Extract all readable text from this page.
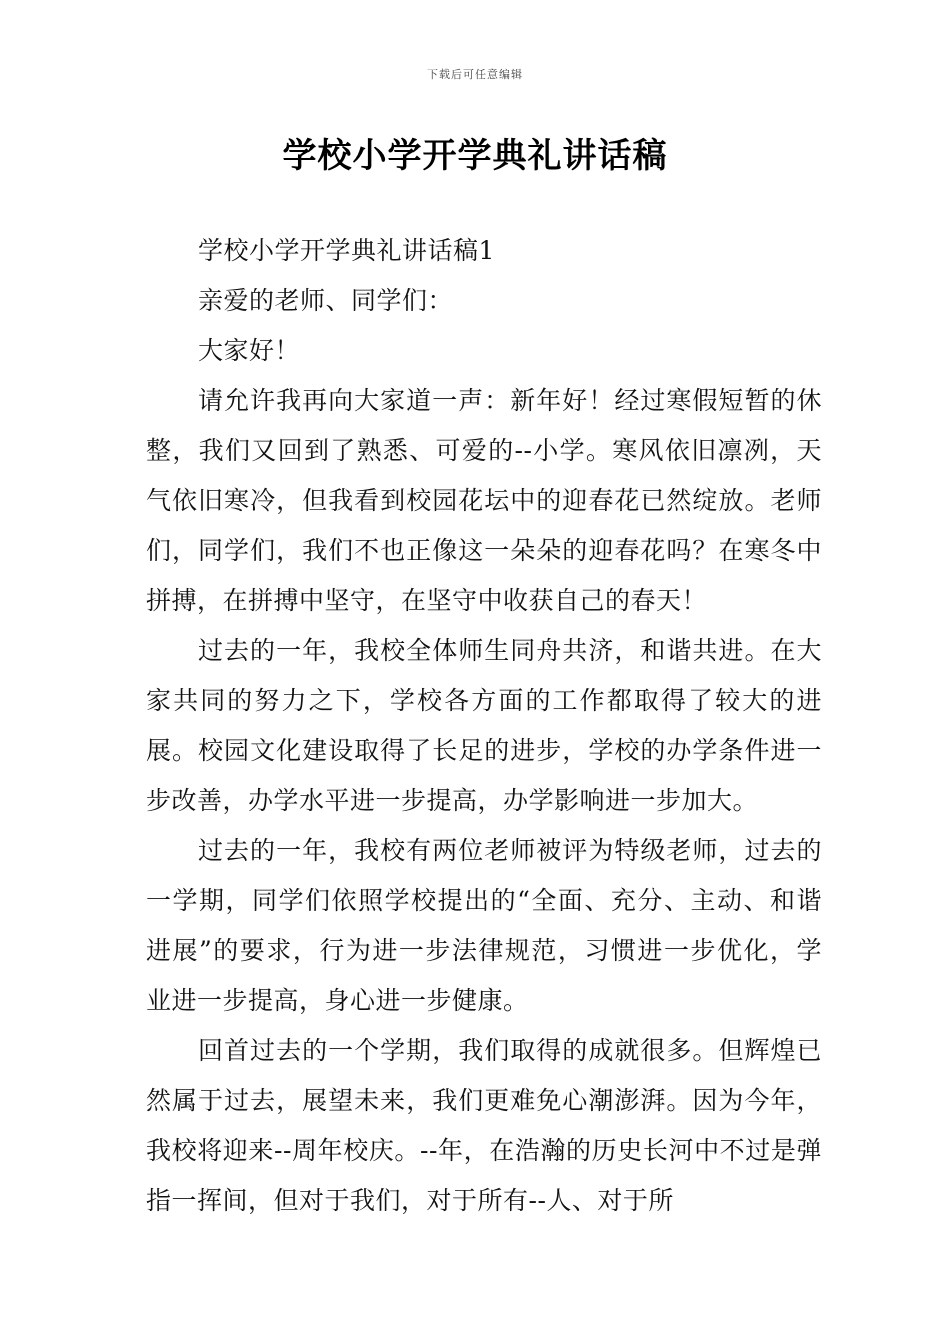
下载后可任意编辑
学校小学开学典礼讲话稿

学校小学开学典礼讲话稿1

亲爱的老师、同学们：

大家好！

请允许我再向大家道一声：新年好！经过寒假短暂的休整，我们又回到了熟悉、可爱的--小学。寒风依旧凛冽，天气依旧寒冷，但我看到校园花坛中的迎春花已然绽放。老师们，同学们，我们不也正像这一朵朵的迎春花吗？在寒冬中拼搏，在拼搏中坚守，在坚守中收获自己的春天！

过去的一年，我校全体师生同舟共济，和谐共进。在大家共同的努力之下，学校各方面的工作都取得了较大的进展。校园文化建设取得了长足的进步，学校的办学条件进一步改善，办学水平进一步提高，办学影响进一步加大。

过去的一年，我校有两位老师被评为特级老师，过去的一学期，同学们依照学校提出的“全面、充分、主动、和谐进展”的要求，行为进一步法律规范，习惯进一步优化，学业进一步提高，身心进一步健康。

回首过去的一个学期，我们取得的成就很多。但辉煌已然属于过去，展望未来，我们更难免心潮澎湃。因为今年，我校将迎来--周年校庆。--年，在浩瀚的历史长河中不过是弹指一挥间，但对于我们，对于所有--人、对于所
